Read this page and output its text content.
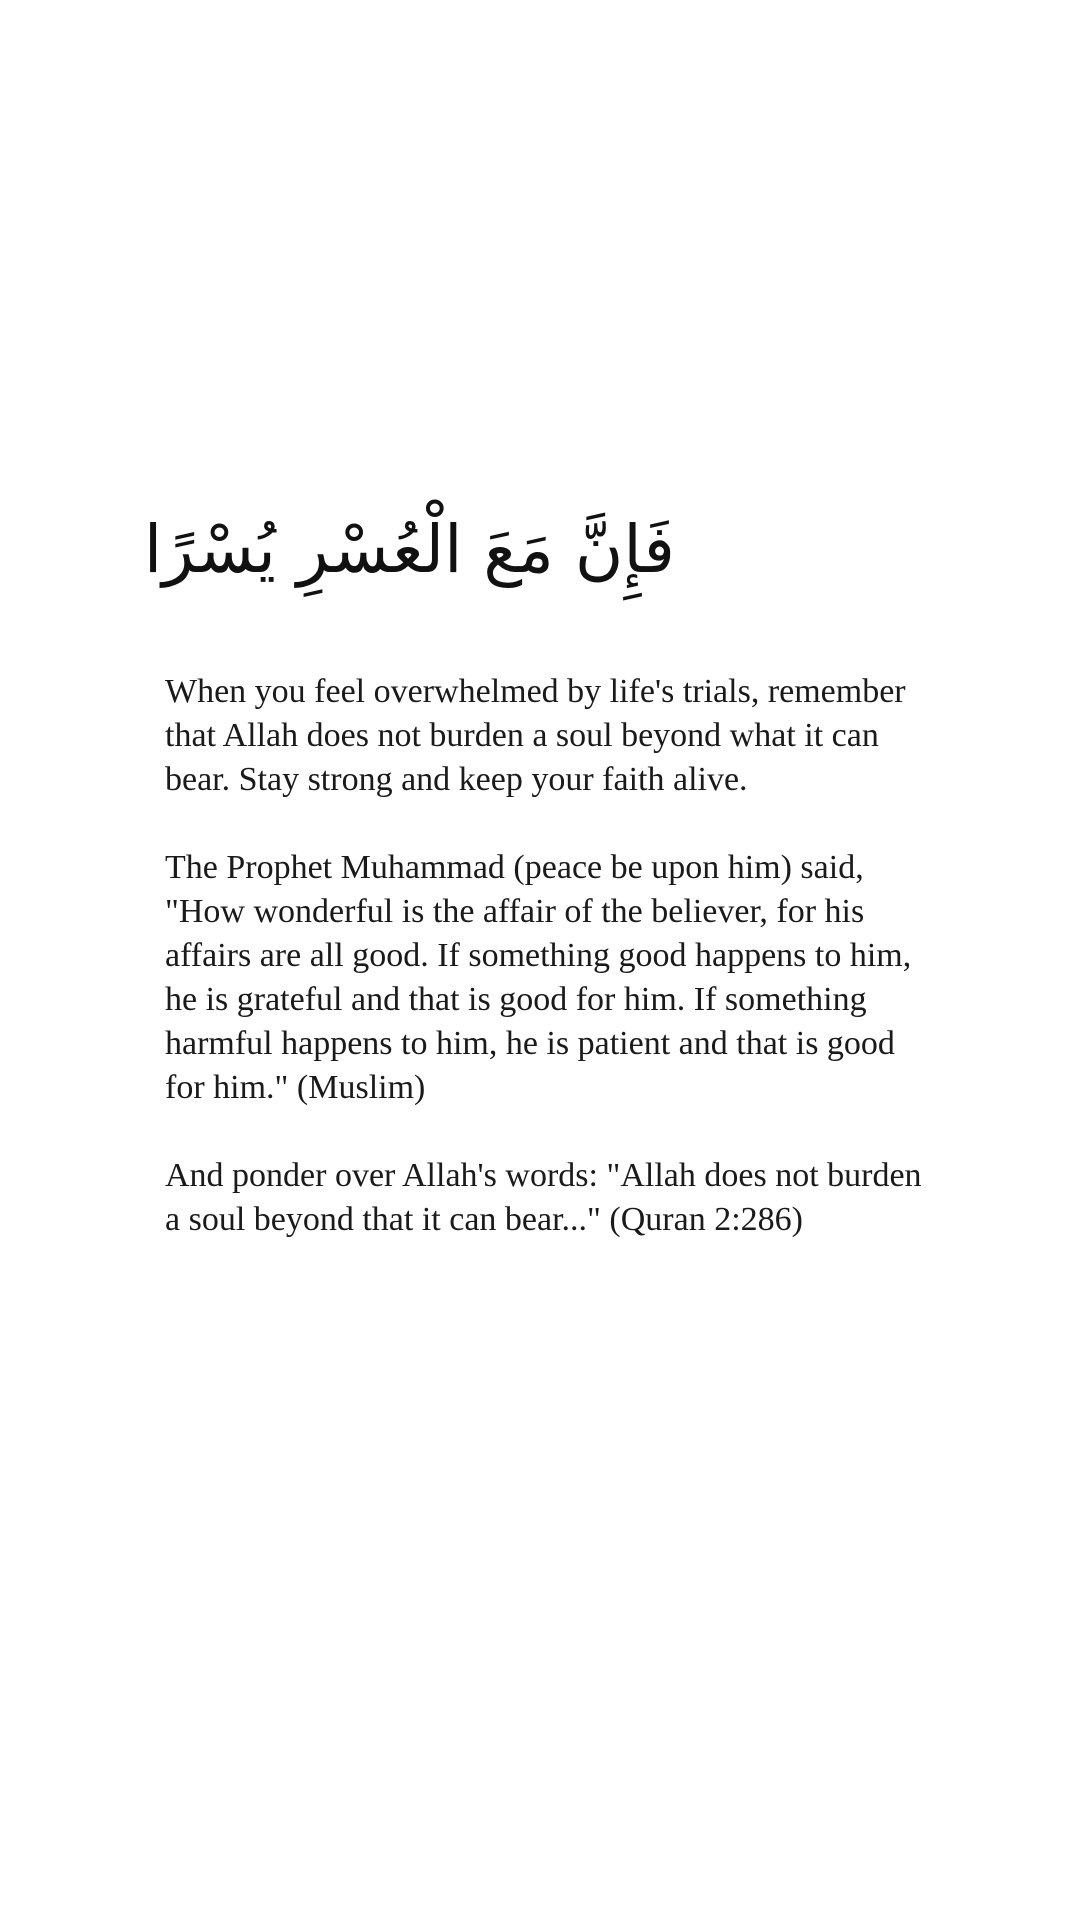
فَإِنَّ مَعَ الْعُسْرِ يُسْرًا

When you feel overwhelmed by life's trials, remember that Allah does not burden a soul beyond what it can bear. Stay strong and keep your faith alive.

The Prophet Muhammad (peace be upon him) said, "How wonderful is the affair of the believer, for his affairs are all good. If something good happens to him, he is grateful and that is good for him. If something harmful happens to him, he is patient and that is good for him." (Muslim)

And ponder over Allah's words: "Allah does not burden a soul beyond that it can bear..." (Quran 2:286)
